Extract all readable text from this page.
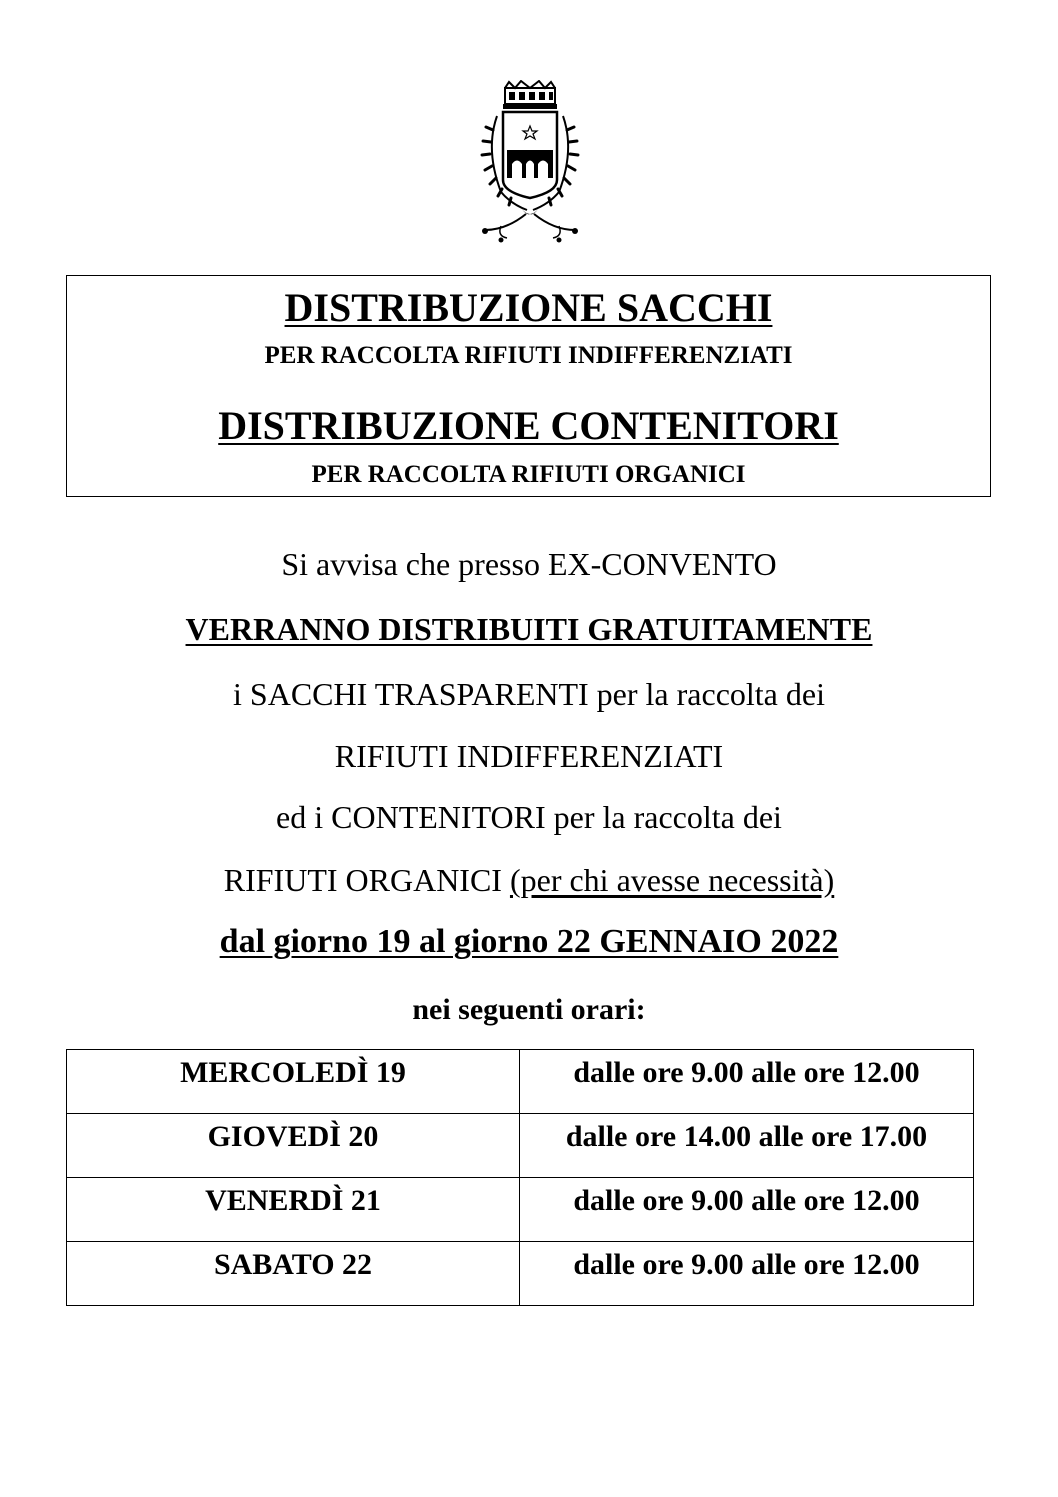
DISTRIBUZIONE SACCHI
PER RACCOLTA RIFIUTI INDIFFERENZIATI
DISTRIBUZIONE CONTENITORI
PER RACCOLTA RIFIUTI ORGANICI
Si avvisa che presso EX-CONVENTO
VERRANNO DISTRIBUITI GRATUITAMENTE
i SACCHI TRASPARENTI per la raccolta dei
RIFIUTI INDIFFERENZIATI
ed i CONTENITORI per la raccolta dei
RIFIUTI ORGANICI (per chi avesse necessità)
dal giorno 19 al giorno 22 GENNAIO 2022
nei seguenti orari:
MERCOLEDÌ 19	dalle ore 9.00 alle ore 12.00
GIOVEDÌ 20	dalle ore 14.00 alle ore 17.00
VENERDÌ 21	dalle ore 9.00 alle ore 12.00
SABATO 22	dalle ore 9.00 alle ore 12.00
